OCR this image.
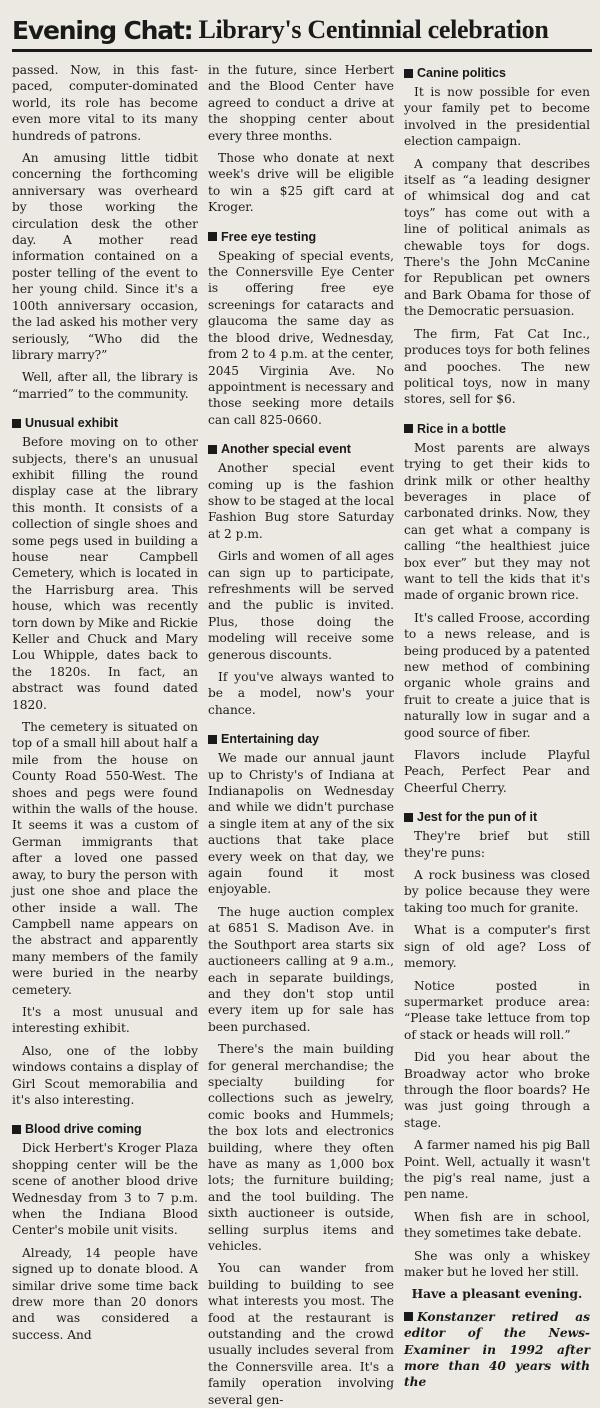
Evening Chat: Library's Centinnial celebration

passed. Now, in this fast-paced, computer-dominated world, its role has become even more vital to its many hundreds of patrons.

An amusing little tidbit concerning the forthcoming anniversary was overheard by those working the circulation desk the other day. A mother read information contained on a poster telling of the event to her young child. Since it's a 100th anniversary occasion, the lad asked his mother very seriously, “Who did the library marry?”

Well, after all, the library is “married” to the community.

Unusual exhibit

Before moving on to other subjects, there's an unusual exhibit filling the round display case at the library this month. It consists of a collection of single shoes and some pegs used in building a house near Campbell Cemetery, which is located in the Harrisburg area. This house, which was recently torn down by Mike and Rickie Keller and Chuck and Mary Lou Whipple, dates back to the 1820s. In fact, an abstract was found dated 1820.

The cemetery is situated on top of a small hill about half a mile from the house on County Road 550-West. The shoes and pegs were found within the walls of the house. It seems it was a custom of German immigrants that after a loved one passed away, to bury the person with just one shoe and place the other inside a wall. The Campbell name appears on the abstract and apparently many members of the family were buried in the nearby cemetery.

It's a most unusual and interesting exhibit.

Also, one of the lobby windows contains a display of Girl Scout memorabilia and it's also interesting.

Blood drive coming

Dick Herbert's Kroger Plaza shopping center will be the scene of another blood drive Wednesday from 3 to 7 p.m. when the Indiana Blood Center's mobile unit visits.

Already, 14 people have signed up to donate blood. A similar drive some time back drew more than 20 donors and was considered a success. And

in the future, since Herbert and the Blood Center have agreed to conduct a drive at the shopping center about every three months.

Those who donate at next week's drive will be eligible to win a $25 gift card at Kroger.

Free eye testing

Speaking of special events, the Connersville Eye Center is offering free eye screenings for cataracts and glaucoma the same day as the blood drive, Wednesday, from 2 to 4 p.m. at the center, 2045 Virginia Ave. No appointment is necessary and those seeking more details can call 825-0660.

Another special event

Another special event coming up is the fashion show to be staged at the local Fashion Bug store Saturday at 2 p.m.

Girls and women of all ages can sign up to participate, refreshments will be served and the public is invited. Plus, those doing the modeling will receive some generous discounts.

If you've always wanted to be a model, now's your chance.

Entertaining day

We made our annual jaunt up to Christy's of Indiana at Indianapolis on Wednesday and while we didn't purchase a single item at any of the six auctions that take place every week on that day, we again found it most enjoyable.

The huge auction complex at 6851 S. Madison Ave. in the Southport area starts six auctioneers calling at 9 a.m., each in separate buildings, and they don't stop until every item up for sale has been purchased.

There's the main building for general merchandise; the specialty building for collections such as jewelry, comic books and Hummels; the box lots and electronics building, where they often have as many as 1,000 box lots; the furniture building; and the tool building. The sixth auctioneer is outside, selling surplus items and vehicles.

You can wander from building to building to see what interests you most. The food at the restaurant is outstanding and the crowd usually includes several from the Connersville area. It's a family operation involving several gen-

Canine politics

It is now possible for even your family pet to become involved in the presidential election campaign.

A company that describes itself as “a leading designer of whimsical dog and cat toys” has come out with a line of political animals as chewable toys for dogs. There's the John McCanine for Republican pet owners and Bark Obama for those of the Democratic persuasion.

The firm, Fat Cat Inc., produces toys for both felines and pooches. The new political toys, now in many stores, sell for $6.

Rice in a bottle

Most parents are always trying to get their kids to drink milk or other healthy beverages in place of carbonated drinks. Now, they can get what a company is calling “the healthiest juice box ever” but they may not want to tell the kids that it's made of organic brown rice.

It's called Froose, according to a news release, and is being produced by a patented new method of combining organic whole grains and fruit to create a juice that is naturally low in sugar and a good source of fiber.

Flavors include Playful Peach, Perfect Pear and Cheerful Cherry.

Jest for the pun of it

They're brief but still they're puns:

A rock business was closed by police because they were taking too much for granite.

What is a computer's first sign of old age? Loss of memory.

Notice posted in supermarket produce area: “Please take lettuce from top of stack or heads will roll.”

Did you hear about the Broadway actor who broke through the floor boards? He was just going through a stage.

A farmer named his pig Ball Point. Well, actually it wasn't the pig's real name, just a pen name.

When fish are in school, they sometimes take debate.

She was only a whiskey maker but he loved her still.

Have a pleasant evening.

Konstanzer retired as editor of the News-Examiner in 1992 after more than 40 years with the
